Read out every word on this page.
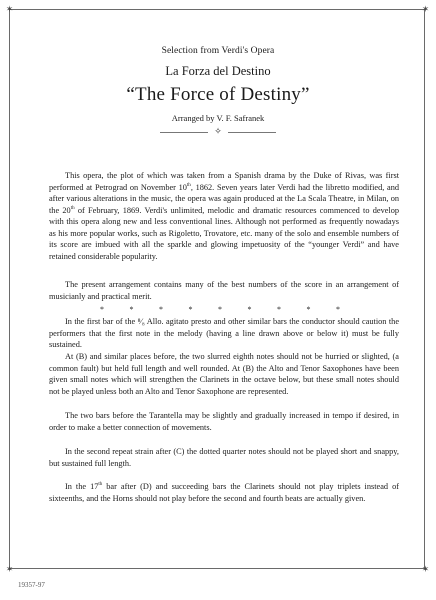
✶	✶
✶	✶
Selection from Verdi's Opera
La Forza del Destino
“The Force of Destiny”
Arranged by V. F. Safranek
✧

This opera, the plot of which was taken from a Spanish drama by the Duke of Rivas, was first performed at Petrograd on November 10th, 1862. Seven years later Verdi had the libretto modified, and after various alterations in the music, the opera was again produced at the La Scala Theatre, in Milan, on the 20th of February, 1869. Verdi's unlimited, melodic and dramatic resources commenced to develop with this opera along new and less conventional lines. Although not performed as frequently nowadays as his more popular works, such as Rigoletto, Trovatore, etc. many of the solo and ensemble numbers of its score are imbued with all the sparkle and glowing impetuosity of the “younger Verdi” and have retained considerable popularity.

The present arrangement contains many of the best numbers of the score in an arrangement of musicianly and practical merit.

*	*	*	*	*	*	*	*	*

In the first bar of the ⁸⁄₈ Allo. agitato presto and other similar bars the conductor should caution the performers that the first note in the melody (having a line drawn above or below it) must be fully sustained.

At (B) and similar places before, the two slurred eighth notes should not be hurried or slighted, (a common fault) but held full length and well rounded. At (B) the Alto and Tenor Saxophones have been given small notes which will strengthen the Clarinets in the octave below, but these small notes should not be played unless both an Alto and Tenor Saxophone are represented.

The two bars before the Tarantella may be slightly and gradually increased in tempo if desired, in order to make a better connection of movements.

In the second repeat strain after (C) the dotted quarter notes should not be played short and snappy, but sustained full length.

In the 17th bar after (D) and succeeding bars the Clarinets should not play triplets instead of sixteenths, and the Horns should not play before the second and fourth beats are actually given.

19357-97
